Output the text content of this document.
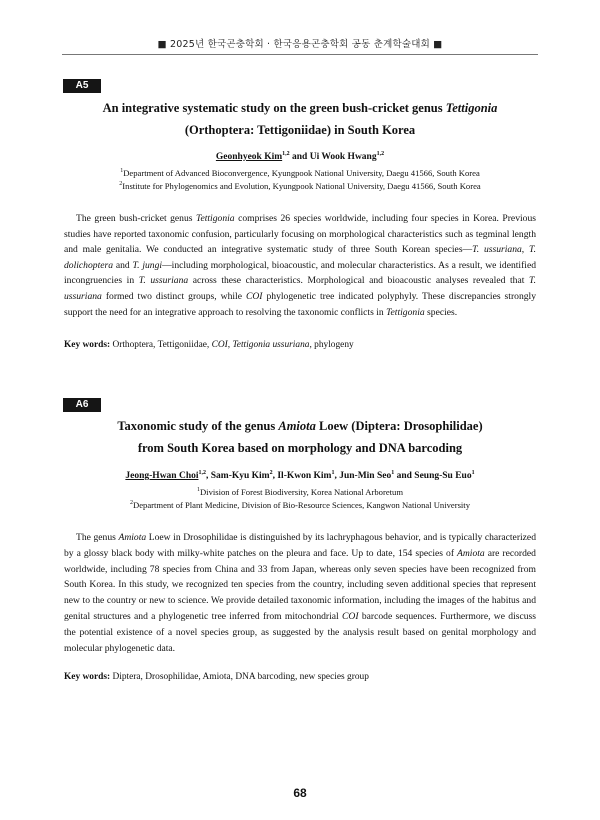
■ 2025년 한국곤충학회 · 한국응용곤충학회 공동 춘계학술대회 ■
A5
An integrative systematic study on the green bush-cricket genus Tettigonia
(Orthoptera: Tettigoniidae) in South Korea
Geonhyeok Kim$^{1,2}$ and Ui Wook Hwang$^{1,2}$
$^1$Department of Advanced Bioconvergence, Kyungpook National University, Daegu 41566, South Korea
$^2$Institute for Phylogenomics and Evolution, Kyungpook National University, Daegu 41566, South Korea

The green bush-cricket genus Tettigonia comprises 26 species worldwide, including four species in Korea. Previous studies have reported taxonomic confusion, particularly focusing on morphological characteristics such as tegminal length and male genitalia. We conducted an integrative systematic study of three South Korean species—T. ussuriana, T. dolichoptera and T. jungi—including morphological, bioacoustic, and molecular characteristics. As a result, we identified incongruencies in T. ussuriana across these characteristics. Morphological and bioacoustic analyses revealed that T. ussuriana formed two distinct groups, while COI phylogenetic tree indicated polyphyly. These discrepancies strongly support the need for an integrative approach to resolving the taxonomic conflicts in Tettigonia species.

Key words: Orthoptera, Tettigoniidae, COI, Tettigonia ussuriana, phylogeny
A6
Taxonomic study of the genus Amiota Loew (Diptera: Drosophilidae)
from South Korea based on morphology and DNA barcoding
Jeong-Hwan Choi$^{1,2}$, Sam-Kyu Kim$^2$, Il-Kwon Kim$^1$, Jun-Min Seo$^1$ and Seung-Su Euo$^1$
$^1$Division of Forest Biodiversity, Korea National Arboretum
$^2$Department of Plant Medicine, Division of Bio-Resource Sciences, Kangwon National University

The genus Amiota Loew in Drosophilidae is distinguished by its lachryphagous behavior, and is typically characterized by a glossy black body with milky-white patches on the pleura and face. Up to date, 154 species of Amiota are recorded worldwide, including 78 species from China and 33 from Japan, whereas only seven species have been recognized from South Korea. In this study, we recognized ten species from the country, including seven additional species that represent new to the country or new to science. We provide detailed taxonomic information, including the images of the habitus and genital structures and a phylogenetic tree inferred from mitochondrial COI barcode sequences. Furthermore, we discuss the potential existence of a novel species group, as suggested by the analysis result based on genital morphology and molecular phylogenetic data.

Key words: Diptera, Drosophilidae, Amiota, DNA barcoding, new species group
68
